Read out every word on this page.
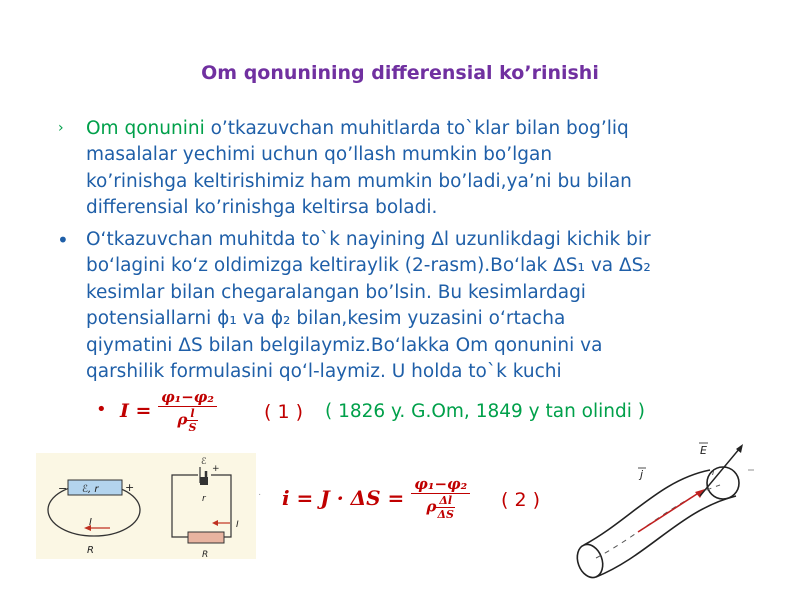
Om qonunining differensial ko’rinishi
› Om qonunini o’tkazuvchan muhitlarda to`klar bilan bog’liq
masalalar yechimi uchun qo’llash mumkin bo’lgan
ko’rinishga keltirishimiz ham mumkin bo’ladi,ya’ni bu bilan
differensial ko’rinishga keltirsa boladi.
• O‘tkazuvchan muhitda to`k nayining Δl uzunlikdagi kichik bir
bo‘lagini ko‘z oldimizga keltiraylik (2-rasm).Bo‘lak ΔS₁ va ΔS₂
kesimlar bilan chegaralangan bo’lsin. Bu kesimlardagi
potensiallarni ϕ₁ va ϕ₂ bilan,kesim yuzasini o‘rtacha
qiymatini ΔS bilan belgilaymiz.Bo‘lakka Om qonunini va
qarshilik formulasini qo‘l-laymiz. U holda to`k kuchi
• $I = \frac{\text{φ₁−φ₂}}{\rho \frac{l}{S}}$ ( 1 ) ( 1826 y. G.Om, 1849 y tan olindi )
ℰ, r
−	+
I
R
ℰ
+
r
R
I
· $i = J \cdot \Delta S = \frac{\text{φ₁−φ₂}}{\rho \frac{\Delta l}{\Delta S}}$ ( 2 )
j
E
l
